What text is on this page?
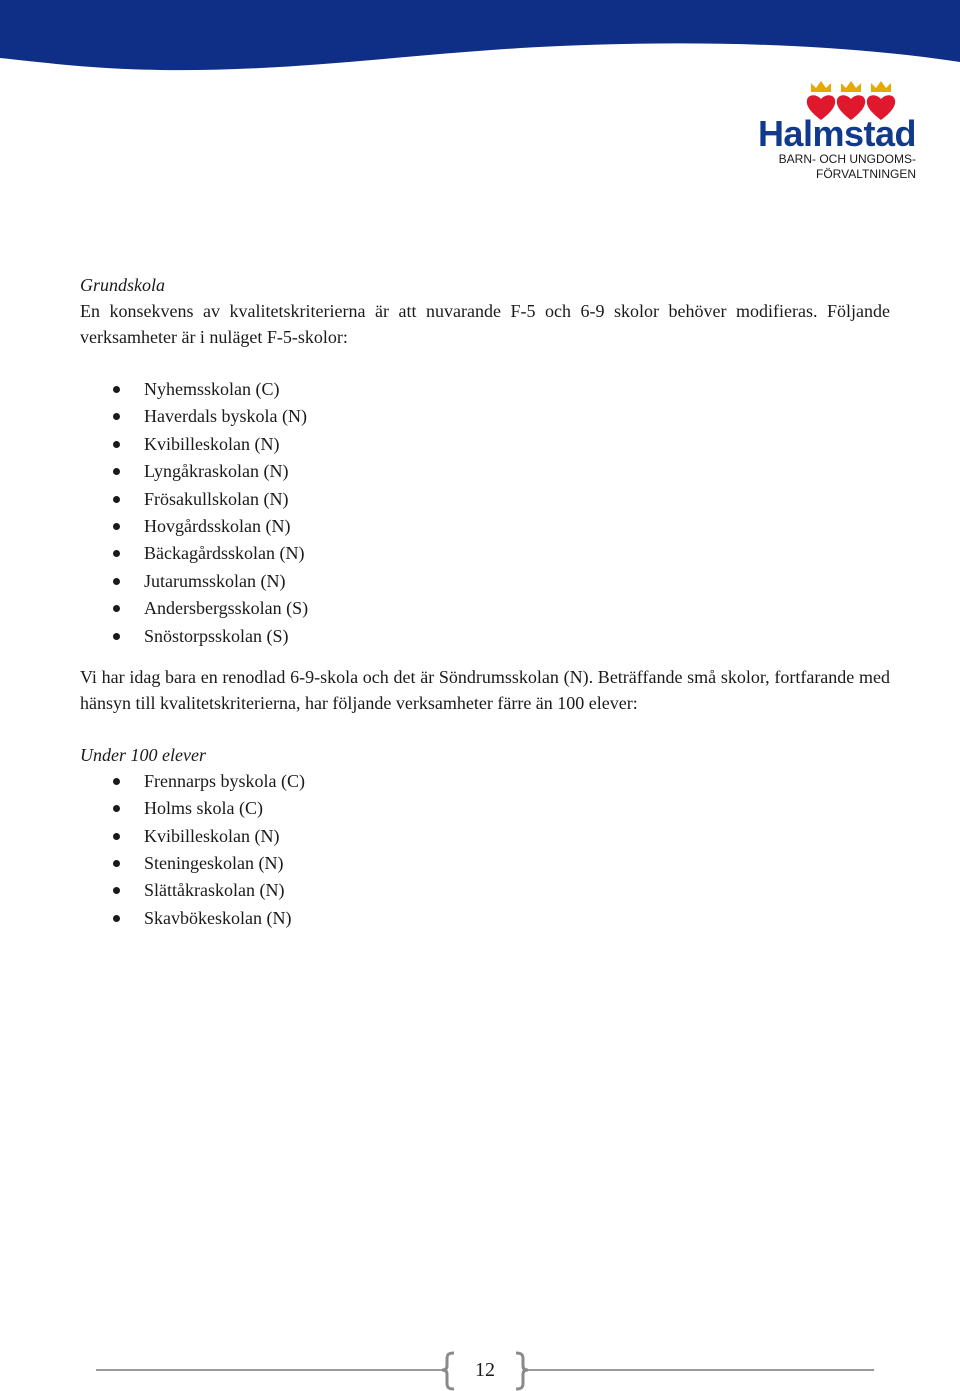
Halmstad
BARN- OCH UNGDOMS-
FÖRVALTNINGEN

Grundskola

En konsekvens av kvalitetskriterierna är att nuvarande F-5 och 6-9 skolor behöver modifieras. Följande verksamheter är i nuläget F-5-skolor:

Nyhemsskolan (C)
Haverdals byskola (N)
Kvibilleskolan (N)
Lyngåkraskolan (N)
Frösakullskolan (N)
Hovgårdsskolan (N)
Bäckagårdsskolan (N)
Jutarumsskolan (N)
Andersbergsskolan (S)
Snöstorpsskolan (S)

Vi har idag bara en renodlad 6-9-skola och det är Söndrumsskolan (N). Beträffande små skolor, fortfarande med hänsyn till kvalitetskriterierna, har följande verksamheter färre än 100 elever:

Under 100 elever

Frennarps byskola (C)
Holms skola (C)
Kvibilleskolan (N)
Steningeskolan (N)
Slättåkraskolan (N)
Skavbökeskolan (N)
12
